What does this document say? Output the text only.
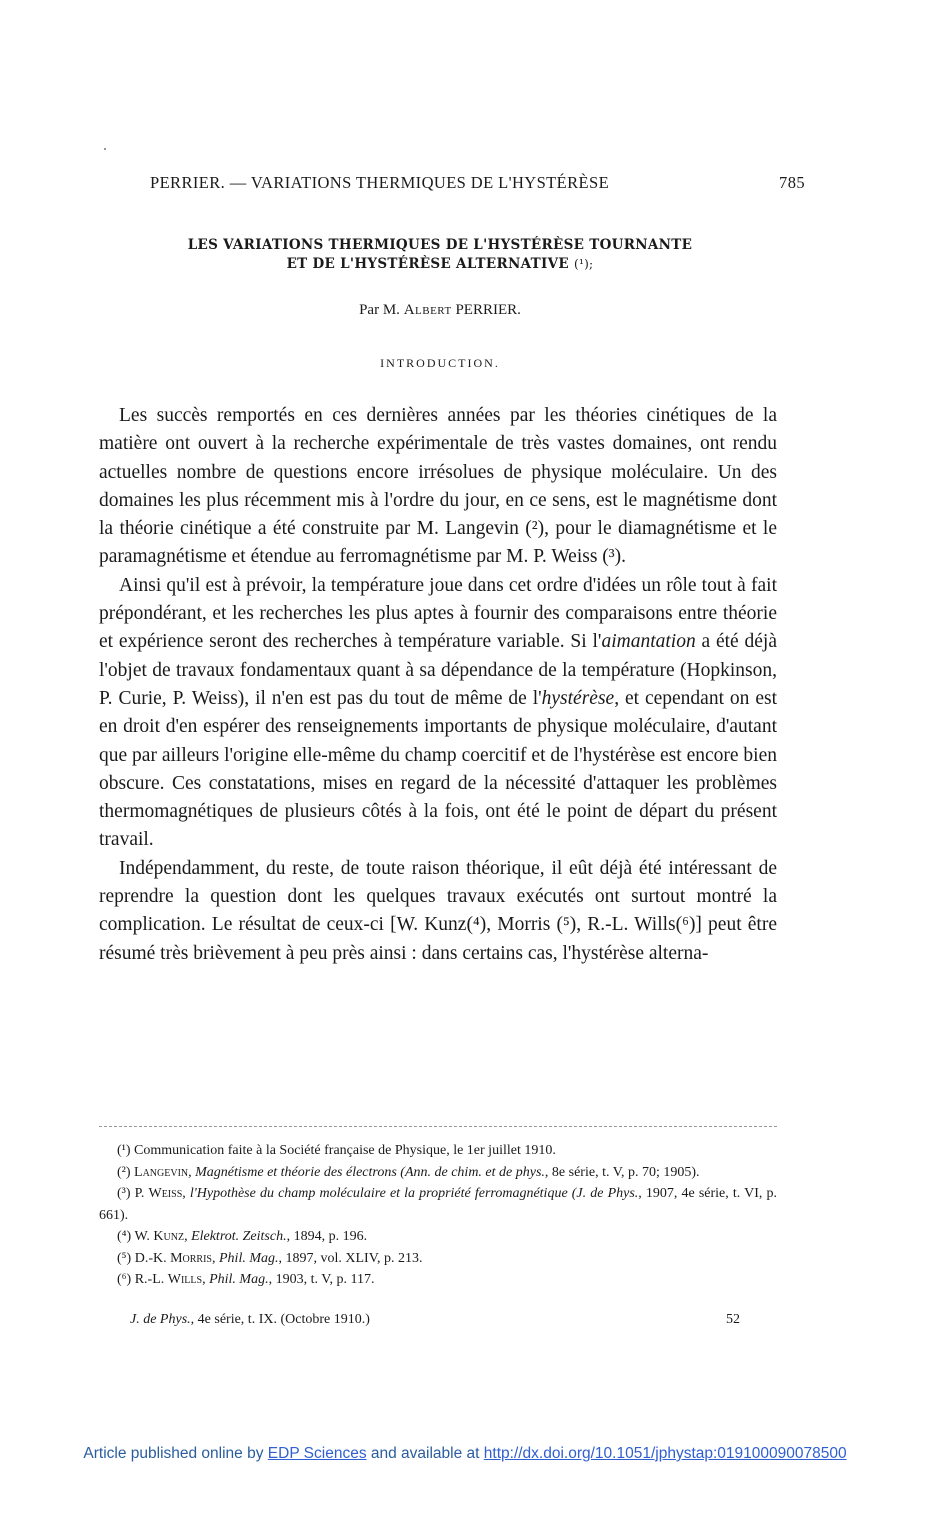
PERRIER. — VARIATIONS THERMIQUES DE L'HYSTÉRÈSE	785
LES VARIATIONS THERMIQUES DE L'HYSTÉRÈSE TOURNANTE
ET DE L'HYSTÉRÈSE ALTERNATIVE (¹);
Par M. Albert PERRIER.
INTRODUCTION.

Les succès remportés en ces dernières années par les théories cinétiques de la matière ont ouvert à la recherche expérimentale de très vastes domaines, ont rendu actuelles nombre de questions encore irrésolues de physique moléculaire. Un des domaines les plus récemment mis à l'ordre du jour, en ce sens, est le magnétisme dont la théorie cinétique a été construite par M. Langevin (²), pour le diamagnétisme et le paramagnétisme et étendue au ferromagnétisme par M. P. Weiss (³).

Ainsi qu'il est à prévoir, la température joue dans cet ordre d'idées un rôle tout à fait prépondérant, et les recherches les plus aptes à fournir des comparaisons entre théorie et expérience seront des recherches à température variable. Si l'aimantation a été déjà l'objet de travaux fondamentaux quant à sa dépendance de la température (Hopkinson, P. Curie, P. Weiss), il n'en est pas du tout de même de l'hystérèse, et cependant on est en droit d'en espérer des renseignements importants de physique moléculaire, d'autant que par ailleurs l'origine elle-même du champ coercitif et de l'hystérèse est encore bien obscure. Ces constatations, mises en regard de la nécessité d'attaquer les problèmes thermomagnétiques de plusieurs côtés à la fois, ont été le point de départ du présent travail.

Indépendamment, du reste, de toute raison théorique, il eût déjà été intéressant de reprendre la question dont les quelques travaux exécutés ont surtout montré la complication. Le résultat de ceux-ci [W. Kunz(⁴), Morris (⁵), R.-L. Wills(⁶)] peut être résumé très brièvement à peu près ainsi : dans certains cas, l'hystérèse alterna-

(¹) Communication faite à la Société française de Physique, le 1er juillet 1910.

(²) Langevin, Magnétisme et théorie des électrons (Ann. de chim. et de phys., 8e série, t. V, p. 70; 1905).

(³) P. Weiss, l'Hypothèse du champ moléculaire et la propriété ferromagnétique (J. de Phys., 1907, 4e série, t. VI, p. 661).

(⁴) W. Kunz, Elektrot. Zeitsch., 1894, p. 196.

(⁵) D.-K. Morris, Phil. Mag., 1897, vol. XLIV, p. 213.

(⁶) R.-L. Wills, Phil. Mag., 1903, t. V, p. 117.

J. de Phys., 4e série, t. IX. (Octobre 1910.)	52
Article published online by EDP Sciences and available at http://dx.doi.org/10.1051/jphystap:019100090078500
